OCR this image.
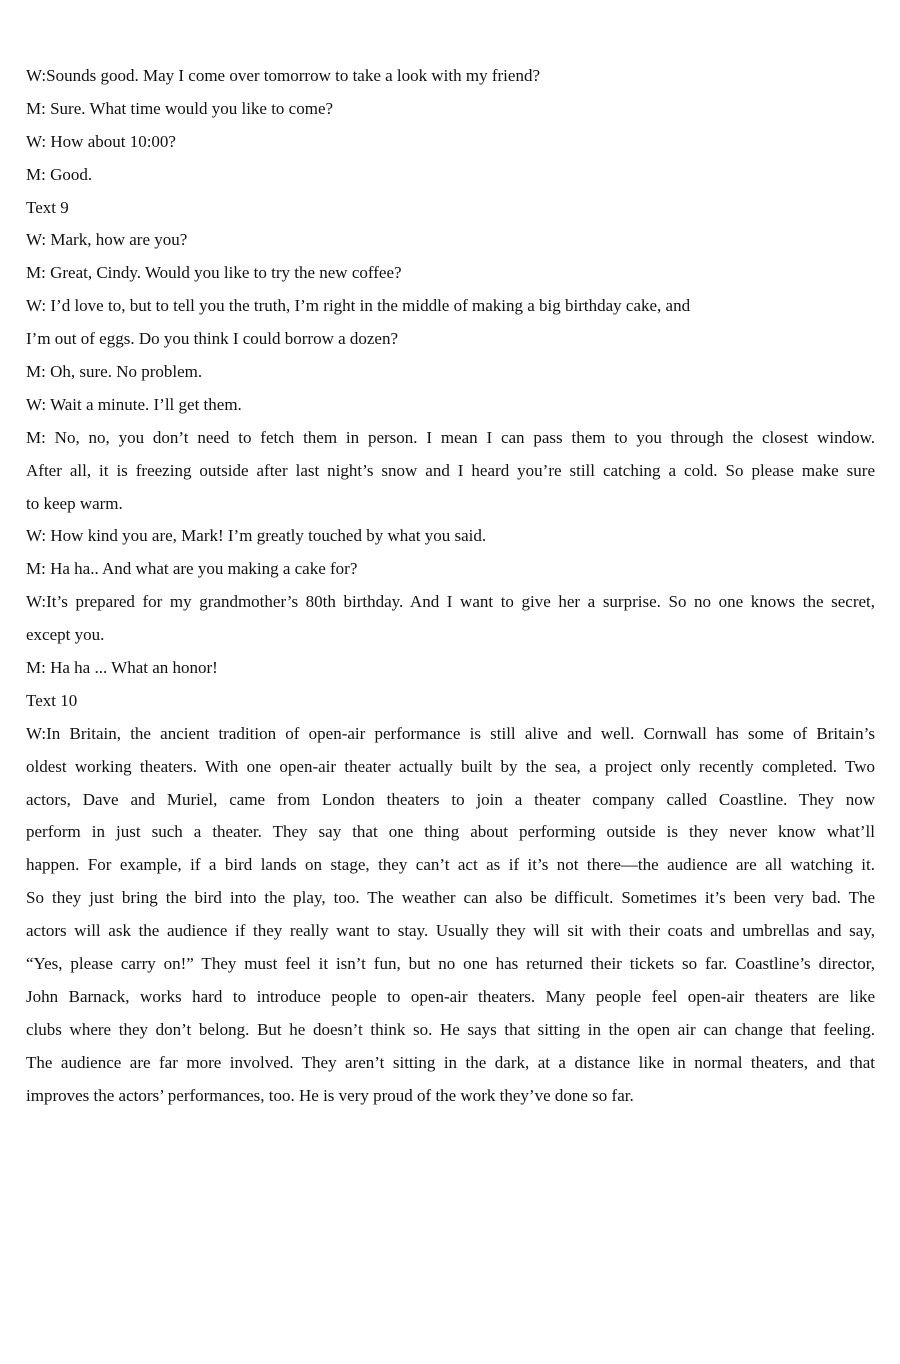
W:Sounds good. May I come over tomorrow to take a look with my friend?
M: Sure. What time would you like to come?
W: How about 10:00?
M: Good.
Text 9
W: Mark, how are you?
M: Great, Cindy. Would you like to try the new coffee?
W: I’d love to, but to tell you the truth, I’m right in the middle of making a big birthday cake, and
I’m out of eggs. Do you think I could borrow a dozen?
M: Oh, sure. No problem.
W: Wait a minute. I’ll get them.
M: No, no, you don’t need to fetch them in person. I mean I can pass them to you through the closest window.
After all, it is freezing outside after last night’s snow and I heard you’re still catching a cold. So please make sure
to keep warm.
W: How kind you are, Mark! I’m greatly touched by what you said.
M: Ha ha.. And what are you making a cake for?
W:It’s prepared for my grandmother’s 80th birthday. And I want to give her a surprise. So no one knows the secret,
except you.
M: Ha ha ... What an honor!
Text 10
W:In Britain, the ancient tradition of open-air performance is still alive and well. Cornwall has some of Britain’s
oldest working theaters. With one open-air theater actually built by the sea, a project only recently completed. Two
actors, Dave and Muriel, came from London theaters to join a theater company called Coastline. They now
perform in just such a theater. They say that one thing about performing outside is they never know what’ll
happen. For example, if a bird lands on stage, they can’t act as if it’s not there—the audience are all watching it.
So they just bring the bird into the play, too. The weather can also be difficult. Sometimes it’s been very bad. The
actors will ask the audience if they really want to stay. Usually they will sit with their coats and umbrellas and say,
“Yes, please carry on!” They must feel it isn’t fun, but no one has returned their tickets so far. Coastline’s director,
John Barnack, works hard to introduce people to open-air theaters. Many people feel open-air theaters are like
clubs where they don’t belong. But he doesn’t think so. He says that sitting in the open air can change that feeling.
The audience are far more involved. They aren’t sitting in the dark, at a distance like in normal theaters, and that
improves the actors’ performances, too. He is very proud of the work they’ve done so far.
